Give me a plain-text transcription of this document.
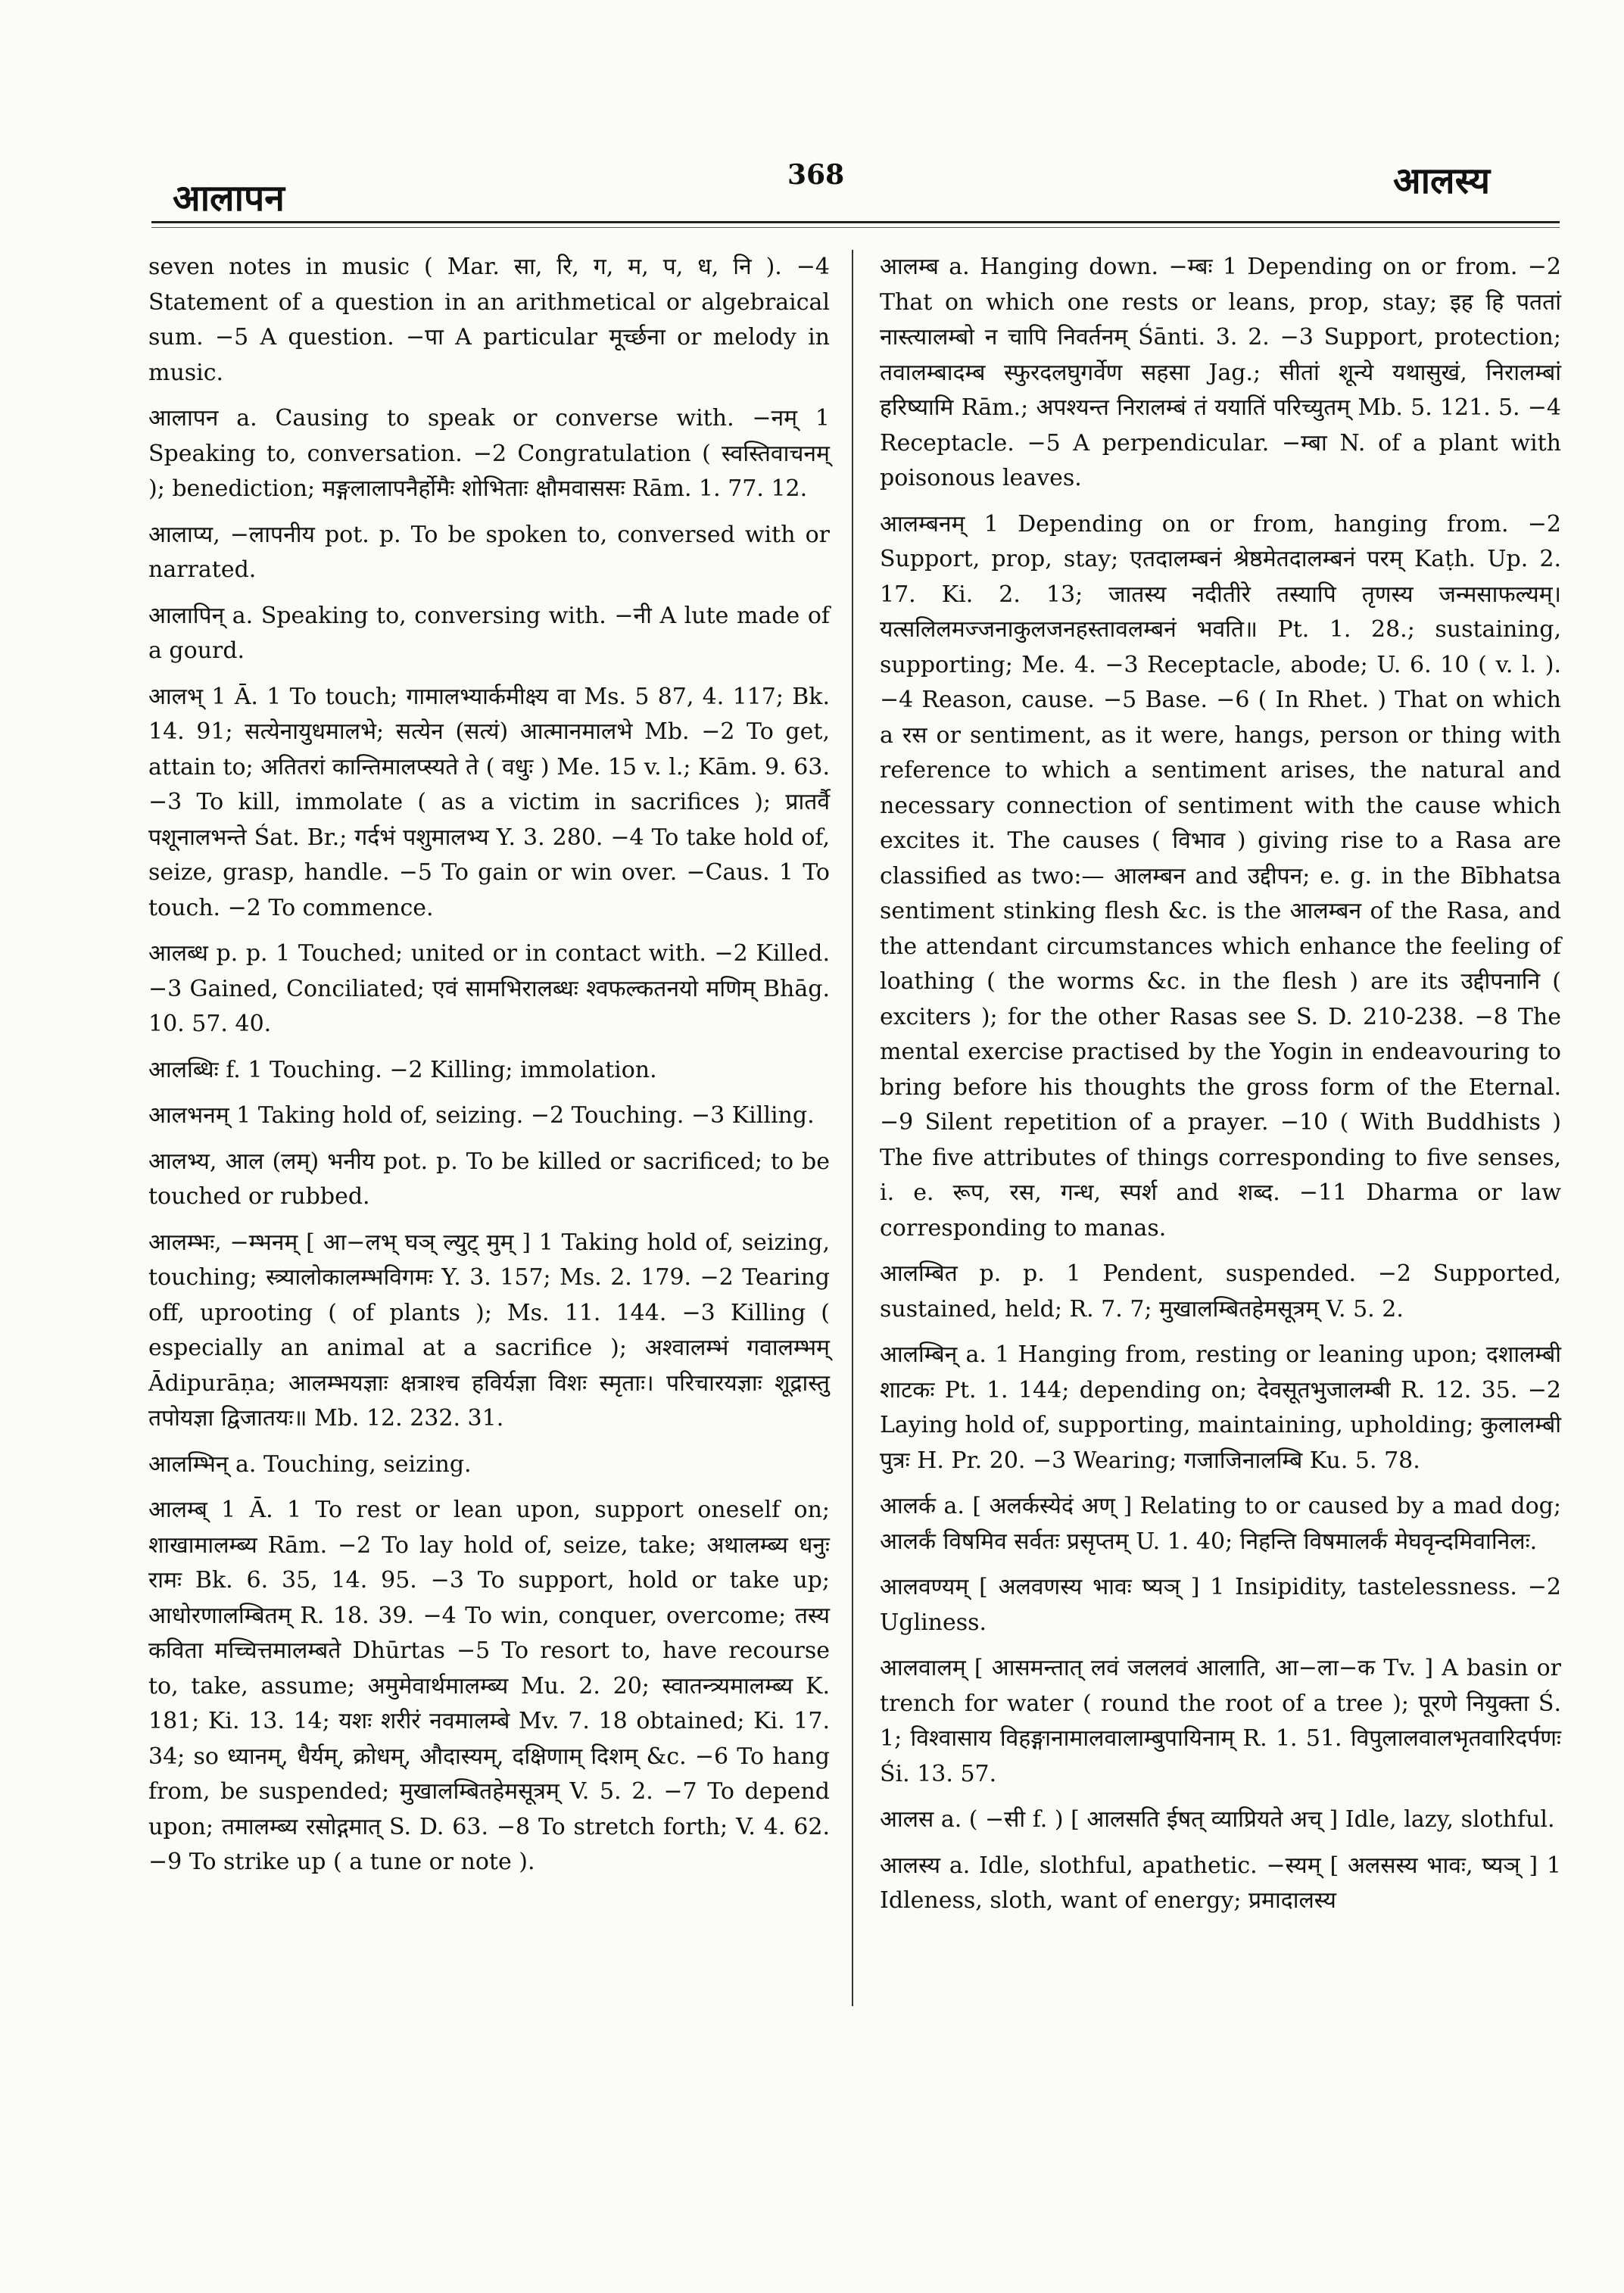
आलापन
368	आलस्य

seven notes in music ( Mar. सा, रि, ग, म, प, ध, नि ). −4 Statement of a question in an arithmetical or algebraical sum. −5 A question. −पा A particular मूर्च्छना or melody in music.

आलापन a. Causing to speak or converse with. −नम् 1 Speaking to, conversation. −2 Congratulation ( स्वस्तिवाचनम् ); benediction; मङ्गलालापनैर्होमैः शोभिताः क्षौमवाससः Rām. 1. 77. 12.

आलाप्य, −लापनीय pot. p. To be spoken to, conversed with or narrated.

आलापिन् a. Speaking to, conversing with. −नी A lute made of a gourd.

आलभ् 1 Ā. 1 To touch; गामालभ्यार्कमीक्ष्य वा Ms. 5 87, 4. 117; Bk. 14. 91; सत्येनायुधमालभे; सत्येन (सत्यं) आत्मानमालभे Mb. −2 To get, attain to; अतितरां कान्तिमालप्स्यते ते ( वधुः ) Me. 15 v. l.; Kām. 9. 63. −3 To kill, immolate ( as a victim in sacrifices ); प्रातर्वै पशूनालभन्ते Śat. Br.; गर्दभं पशुमालभ्य Y. 3. 280. −4 To take hold of, seize, grasp, handle. −5 To gain or win over. −Caus. 1 To touch. −2 To commence.

आलब्ध p. p. 1 Touched; united or in contact with. −2 Killed. −3 Gained, Conciliated; एवं सामभिरालब्धः श्वफल्कतनयो मणिम् Bhāg. 10. 57. 40.

आलब्धिः f. 1 Touching. −2 Killing; immolation.

आलभनम् 1 Taking hold of, seizing. −2 Touching. −3 Killing.

आलभ्य, आल (लम्) भनीय pot. p. To be killed or sacrificed; to be touched or rubbed.

आलम्भः, −म्भनम् [ आ−लभ् घञ् ल्युट् मुम् ] 1 Taking hold of, seizing, touching; स्त्र्यालोकालम्भविगमः Y. 3. 157; Ms. 2. 179. −2 Tearing off, uprooting ( of plants ); Ms. 11. 144. −3 Killing ( especially an animal at a sacrifice ); अश्वालम्भं गवालम्भम् Ādipurāṇa; आलम्भयज्ञाः क्षत्राश्च हविर्यज्ञा विशः स्मृताः। परिचारयज्ञाः शूद्रास्तु तपोयज्ञा द्विजातयः॥ Mb. 12. 232. 31.

आलम्भिन् a. Touching, seizing.

आलम्ब् 1 Ā. 1 To rest or lean upon, support oneself on; शाखामालम्ब्य Rām. −2 To lay hold of, seize, take; अथालम्ब्य धनुः रामः Bk. 6. 35, 14. 95. −3 To support, hold or take up; आधोरणालम्बितम् R. 18. 39. −4 To win, conquer, overcome; तस्य कविता मच्चित्तमालम्बते Dhūrtas −5 To resort to, have recourse to, take, assume; अमुमेवार्थमालम्ब्य Mu. 2. 20; स्वातन्त्र्यमालम्ब्य K. 181; Ki. 13. 14; यशः शरीरं नवमालम्बे Mv. 7. 18 obtained; Ki. 17. 34; so ध्यानम्, धैर्यम्, क्रोधम्, औदास्यम्, दक्षिणाम् दिशम् &c. −6 To hang from, be suspended; मुखालम्बितहेमसूत्रम् V. 5. 2. −7 To depend upon; तमालम्ब्य रसोद्गमात् S. D. 63. −8 To stretch forth; V. 4. 62. −9 To strike up ( a tune or note ).

आलम्ब a. Hanging down. −म्बः 1 Depending on or from. −2 That on which one rests or leans, prop, stay; इह हि पततां नास्त्यालम्बो न चापि निवर्तनम् Śānti. 3. 2. −3 Support, protection; तवालम्बादम्ब स्फुरदलघुगर्वेण सहसा Jag.; सीतां शून्ये यथासुखं, निरालम्बां हरिष्यामि Rām.; अपश्यन्त निरालम्बं तं ययातिं परिच्युतम् Mb. 5. 121. 5. −4 Receptacle. −5 A perpendicular. −म्बा N. of a plant with poisonous leaves.

आलम्बनम् 1 Depending on or from, hanging from. −2 Support, prop, stay; एतदालम्बनं श्रेष्ठमेतदालम्बनं परम् Kaṭh. Up. 2. 17. Ki. 2. 13; जातस्य नदीतीरे तस्यापि तृणस्य जन्मसाफल्यम्। यत्सलिलमज्जनाकुलजनहस्तावलम्बनं भवति॥ Pt. 1. 28.; sustaining, supporting; Me. 4. −3 Receptacle, abode; U. 6. 10 ( v. l. ). −4 Reason, cause. −5 Base. −6 ( In Rhet. ) That on which a रस or sentiment, as it were, hangs, person or thing with reference to which a sentiment arises, the natural and necessary connection of sentiment with the cause which excites it. The causes ( विभाव ) giving rise to a Rasa are classified as two:— आलम्बन and उद्दीपन; e. g. in the Bībhatsa sentiment stinking flesh &c. is the आलम्बन of the Rasa, and the attendant circumstances which enhance the feeling of loathing ( the worms &c. in the flesh ) are its उद्दीपनानि ( exciters ); for the other Rasas see S. D. 210-238. −8 The mental exercise practised by the Yogin in endeavouring to bring before his thoughts the gross form of the Eternal. −9 Silent repetition of a prayer. −10 ( With Buddhists ) The five attributes of things corresponding to five senses, i. e. रूप, रस, गन्ध, स्पर्श and शब्द. −11 Dharma or law corresponding to manas.

आलम्बित p. p. 1 Pendent, suspended. −2 Supported, sustained, held; R. 7. 7; मुखालम्बितहेमसूत्रम् V. 5. 2.

आलम्बिन् a. 1 Hanging from, resting or leaning upon; दशालम्बी शाटकः Pt. 1. 144; depending on; देवसूतभुजालम्बी R. 12. 35. −2 Laying hold of, supporting, maintaining, upholding; कुलालम्बी पुत्रः H. Pr. 20. −3 Wearing; गजाजिनालम्बि Ku. 5. 78.

आलर्क a. [ अलर्कस्येदं अण् ] Relating to or caused by a mad dog; आलर्कं विषमिव सर्वतः प्रसृप्तम् U. 1. 40; निहन्ति विषमालर्कं मेघवृन्दमिवानिलः.

आलवण्यम् [ अलवणस्य भावः ष्यञ् ] 1 Insipidity, tastelessness. −2 Ugliness.

आलवालम् [ आसमन्तात् लवं जललवं आलाति, आ−ला−क Tv. ] A basin or trench for water ( round the root of a tree ); पूरणे नियुक्ता Ś. 1; विश्वासाय विहङ्गानामालवालाम्बुपायिनाम् R. 1. 51. विपुलालवालभृतवारिदर्पणः Śi. 13. 57.

आलस a. ( −सी f. ) [ आलसति ईषत् व्याप्रियते अच् ] Idle, lazy, slothful.

आलस्य a. Idle, slothful, apathetic. −स्यम् [ अलसस्य भावः, ष्यञ् ] 1 Idleness, sloth, want of energy; प्रमादालस्य
